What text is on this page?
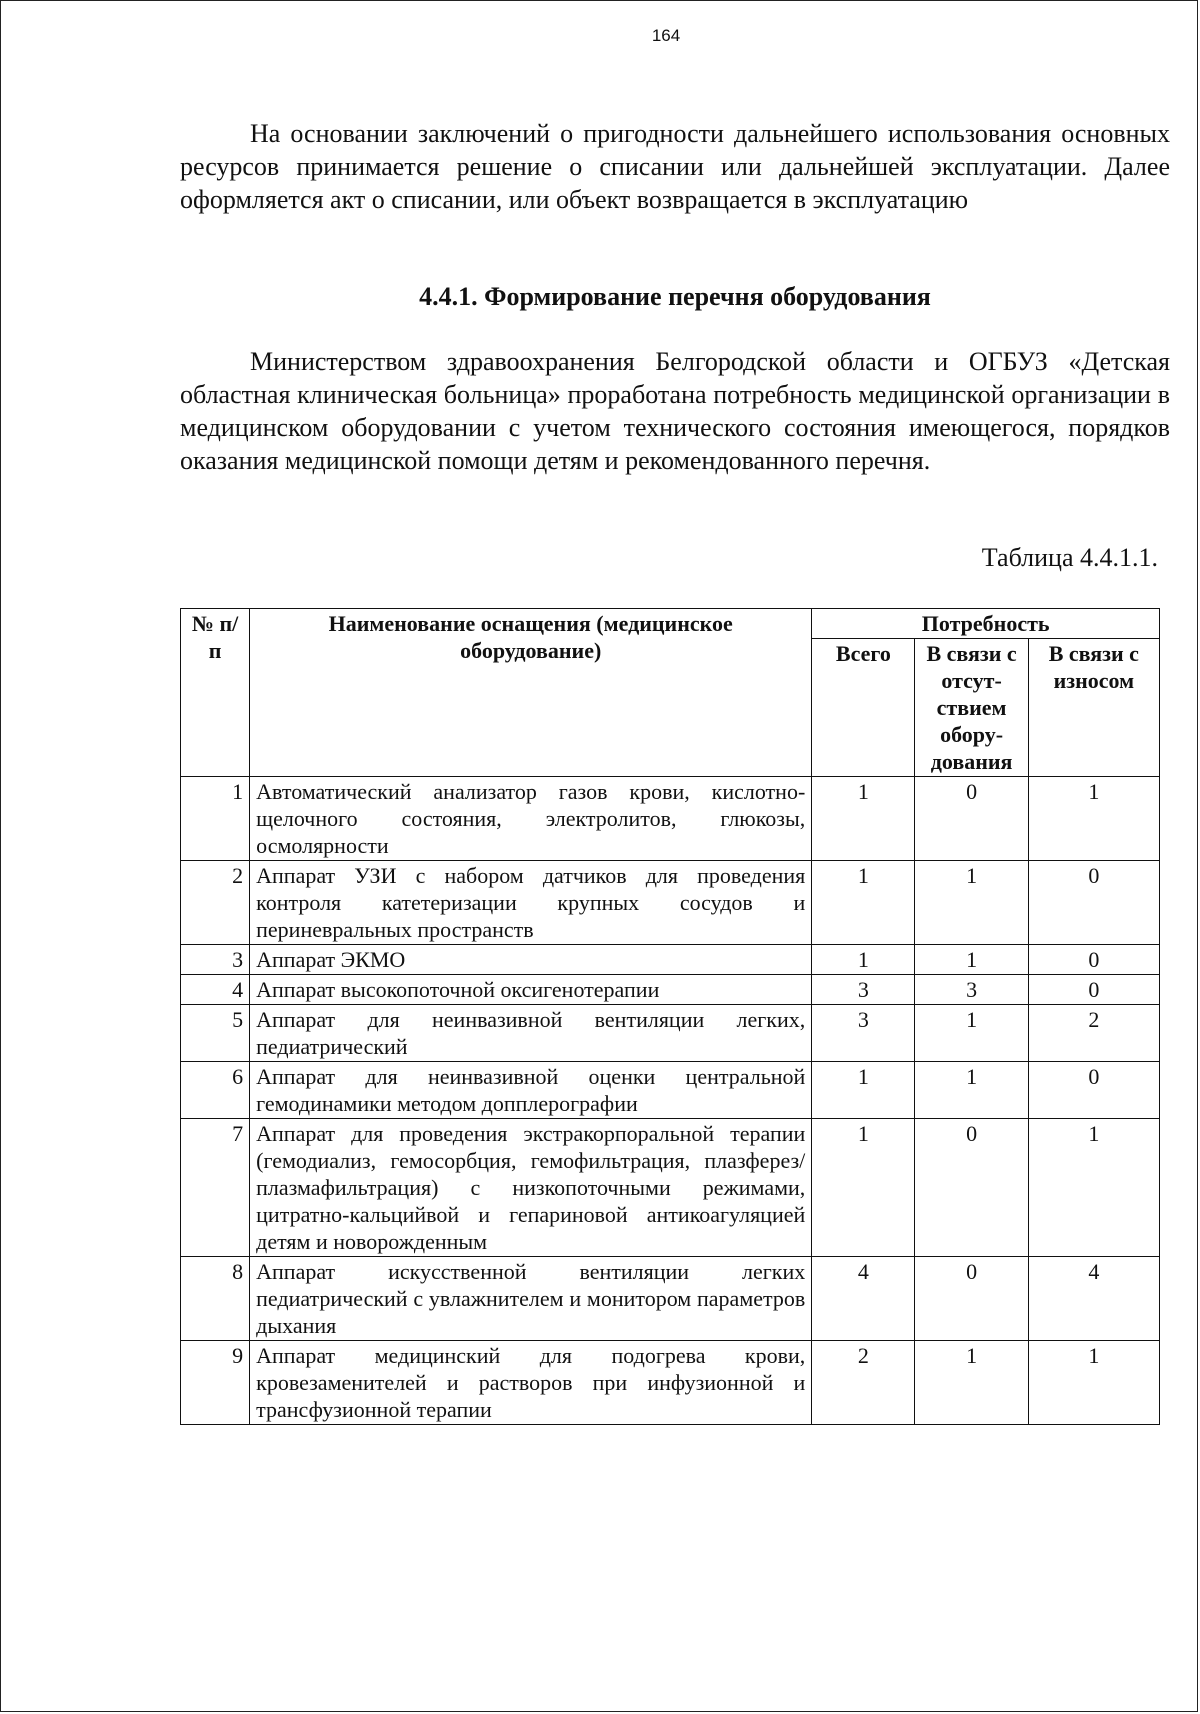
164
На основании заключений о пригодности дальнейшего использования основных ресурсов принимается решение о списании или дальнейшей эксплуатации. Далее оформляется акт о списании, или объект возвращается в эксплуатацию
4.4.1. Формирование перечня оборудования
Министерством здравоохранения Белгородской области и ОГБУЗ «Детская областная клиническая больница» проработана потребность медицинской организации в медицинском оборудовании с учетом технического состояния имеющегося, порядков оказания медицинской помощи детям и рекомендованного перечня.
Таблица 4.4.1.1.
№ п/п	Наименование оснащения (медицинское оборудование)	Потребность		
		Всего	В связи с отсут- ствием обору- дования	В связи с износом
1	Автоматический анализатор газов крови, кислотно-щелочного состояния, электролитов, глюкозы, осмолярности	1	0	1
2	Аппарат УЗИ с набором датчиков для проведения контроля катетеризации крупных сосудов и периневральных пространств	1	1	0
3	Аппарат ЭКМО	1	1	0
4	Аппарат высокопоточной оксигенотерапии	3	3	0
5	Аппарат для неинвазивной вентиляции легких, педиатрический	3	1	2
6	Аппарат для неинвазивной оценки центральной гемодинамики методом допплерографии	1	1	0
7	Аппарат для проведения экстракорпоральной терапии (гемодиализ, гемосорбция, гемофильтрация, плазферез/плазмафильтрация) с низкопоточными режимами, цитратно-кальцийвой и гепариновой антикоагуляцией детям и новорожденным	1	0	1
8	Аппарат искусственной вентиляции легких педиатрический с увлажнителем и монитором параметров дыхания	4	0	4
9	Аппарат медицинский для подогрева крови, кровезаменителей и растворов при инфузионной и трансфузионной терапии	2	1	1
